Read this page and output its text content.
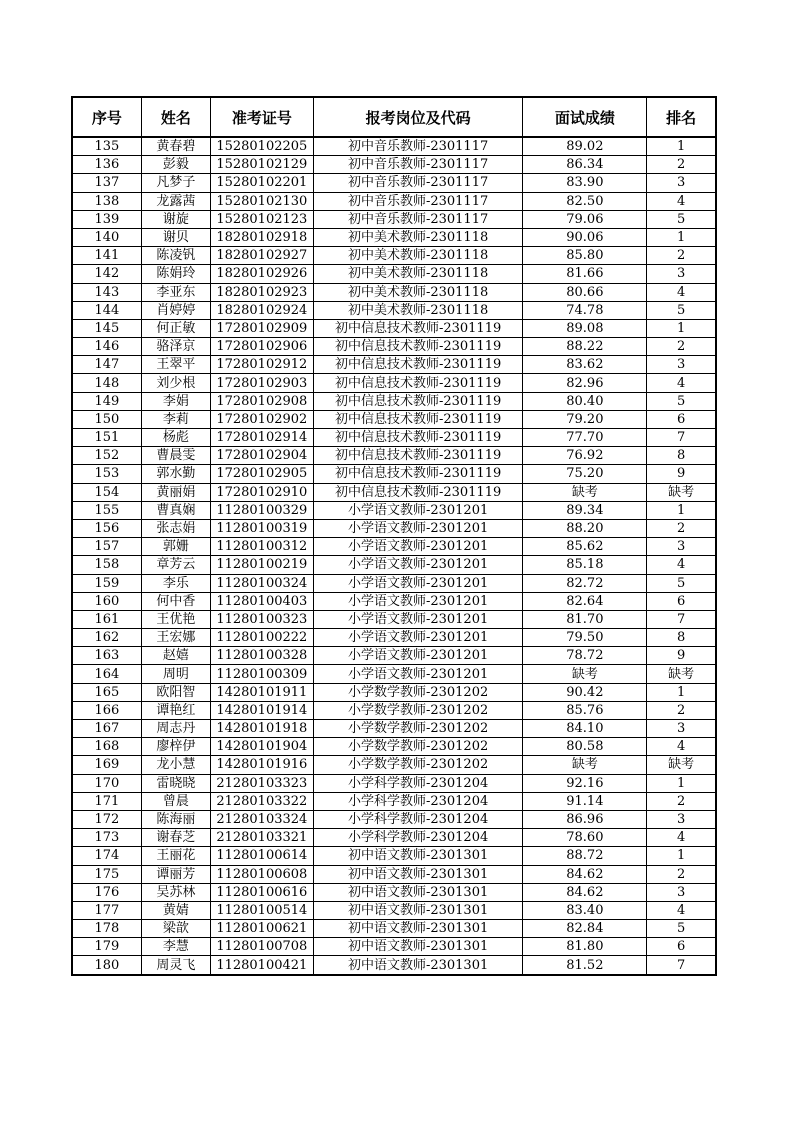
序号	姓名	准考证号	报考岗位及代码	面试成绩	排名
135	黄春碧	15280102205	初中音乐教师-2301117	89.02	1
136	彭毅	15280102129	初中音乐教师-2301117	86.34	2
137	凡梦子	15280102201	初中音乐教师-2301117	83.90	3
138	龙露茜	15280102130	初中音乐教师-2301117	82.50	4
139	谢旋	15280102123	初中音乐教师-2301117	79.06	5
140	谢贝	18280102918	初中美术教师-2301118	90.06	1
141	陈凌钒	18280102927	初中美术教师-2301118	85.80	2
142	陈娟玲	18280102926	初中美术教师-2301118	81.66	3
143	李亚东	18280102923	初中美术教师-2301118	80.66	4
144	肖婷婷	18280102924	初中美术教师-2301118	74.78	5
145	何正敏	17280102909	初中信息技术教师-2301119	89.08	1
146	骆泽京	17280102906	初中信息技术教师-2301119	88.22	2
147	王翠平	17280102912	初中信息技术教师-2301119	83.62	3
148	刘少根	17280102903	初中信息技术教师-2301119	82.96	4
149	李娟	17280102908	初中信息技术教师-2301119	80.40	5
150	李莉	17280102902	初中信息技术教师-2301119	79.20	6
151	杨彪	17280102914	初中信息技术教师-2301119	77.70	7
152	曹晨雯	17280102904	初中信息技术教师-2301119	76.92	8
153	郭水勤	17280102905	初中信息技术教师-2301119	75.20	9
154	黄丽娟	17280102910	初中信息技术教师-2301119	缺考	缺考
155	曹真娴	11280100329	小学语文教师-2301201	89.34	1
156	张志娟	11280100319	小学语文教师-2301201	88.20	2
157	郭姗	11280100312	小学语文教师-2301201	85.62	3
158	章芳云	11280100219	小学语文教师-2301201	85.18	4
159	李乐	11280100324	小学语文教师-2301201	82.72	5
160	何中香	11280100403	小学语文教师-2301201	82.64	6
161	王优艳	11280100323	小学语文教师-2301201	81.70	7
162	王宏娜	11280100222	小学语文教师-2301201	79.50	8
163	赵嬉	11280100328	小学语文教师-2301201	78.72	9
164	周明	11280100309	小学语文教师-2301201	缺考	缺考
165	欧阳智	14280101911	小学数学教师-2301202	90.42	1
166	谭艳红	14280101914	小学数学教师-2301202	85.76	2
167	周志丹	14280101918	小学数学教师-2301202	84.10	3
168	廖梓伊	14280101904	小学数学教师-2301202	80.58	4
169	龙小慧	14280101916	小学数学教师-2301202	缺考	缺考
170	雷晓晓	21280103323	小学科学教师-2301204	92.16	1
171	曾晨	21280103322	小学科学教师-2301204	91.14	2
172	陈海丽	21280103324	小学科学教师-2301204	86.96	3
173	谢春芝	21280103321	小学科学教师-2301204	78.60	4
174	王丽花	11280100614	初中语文教师-2301301	88.72	1
175	谭丽芳	11280100608	初中语文教师-2301301	84.62	2
176	吴苏林	11280100616	初中语文教师-2301301	84.62	3
177	黄婧	11280100514	初中语文教师-2301301	83.40	4
178	梁歆	11280100621	初中语文教师-2301301	82.84	5
179	李慧	11280100708	初中语文教师-2301301	81.80	6
180	周灵飞	11280100421	初中语文教师-2301301	81.52	7
